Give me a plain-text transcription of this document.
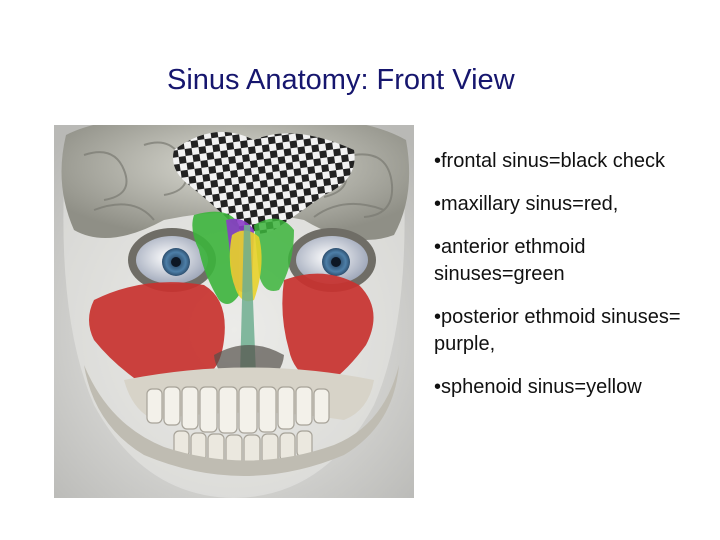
Sinus Anatomy: Front View
•frontal sinus=black check
•maxillary sinus=red,
•anterior ethmoid sinuses=green
•posterior ethmoid sinuses= purple,
•sphenoid sinus=yellow
